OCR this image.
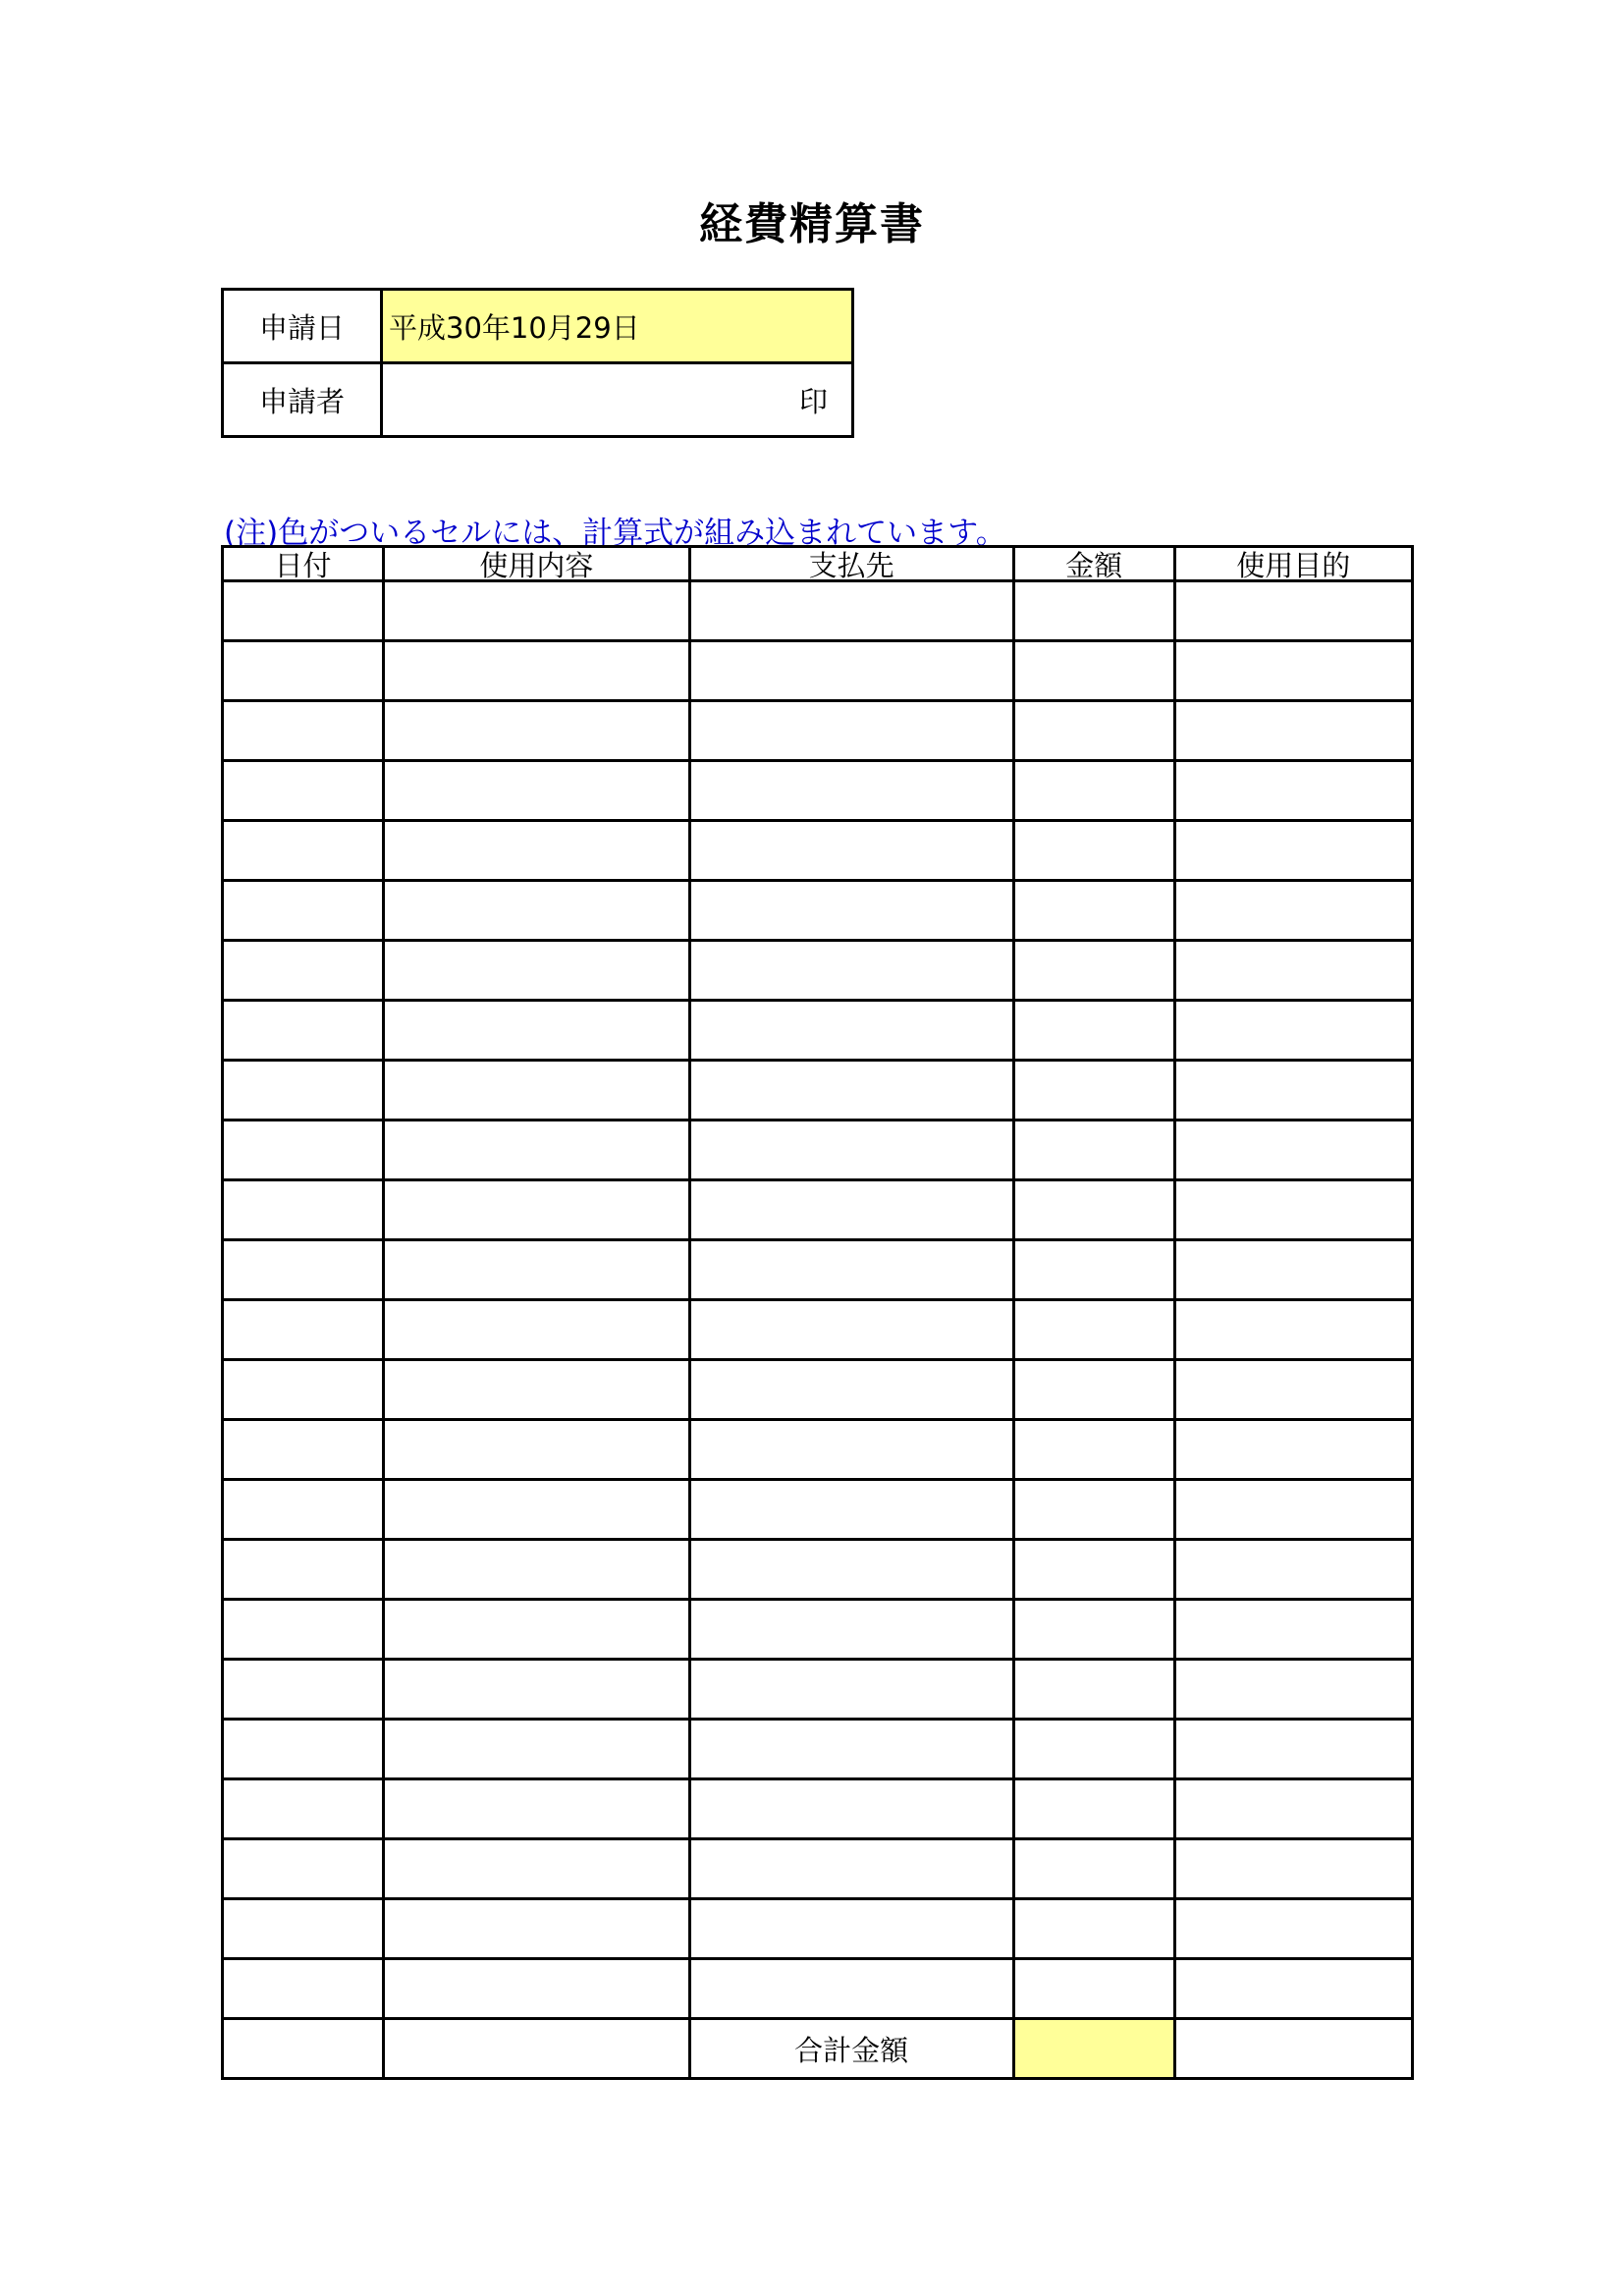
経費精算書
申請日	平成30年10月29日
申請者	印
(注)色がついるセルには、計算式が組み込まれています。
日付	使用内容	支払先	金額	使用目的

		合計金額		
